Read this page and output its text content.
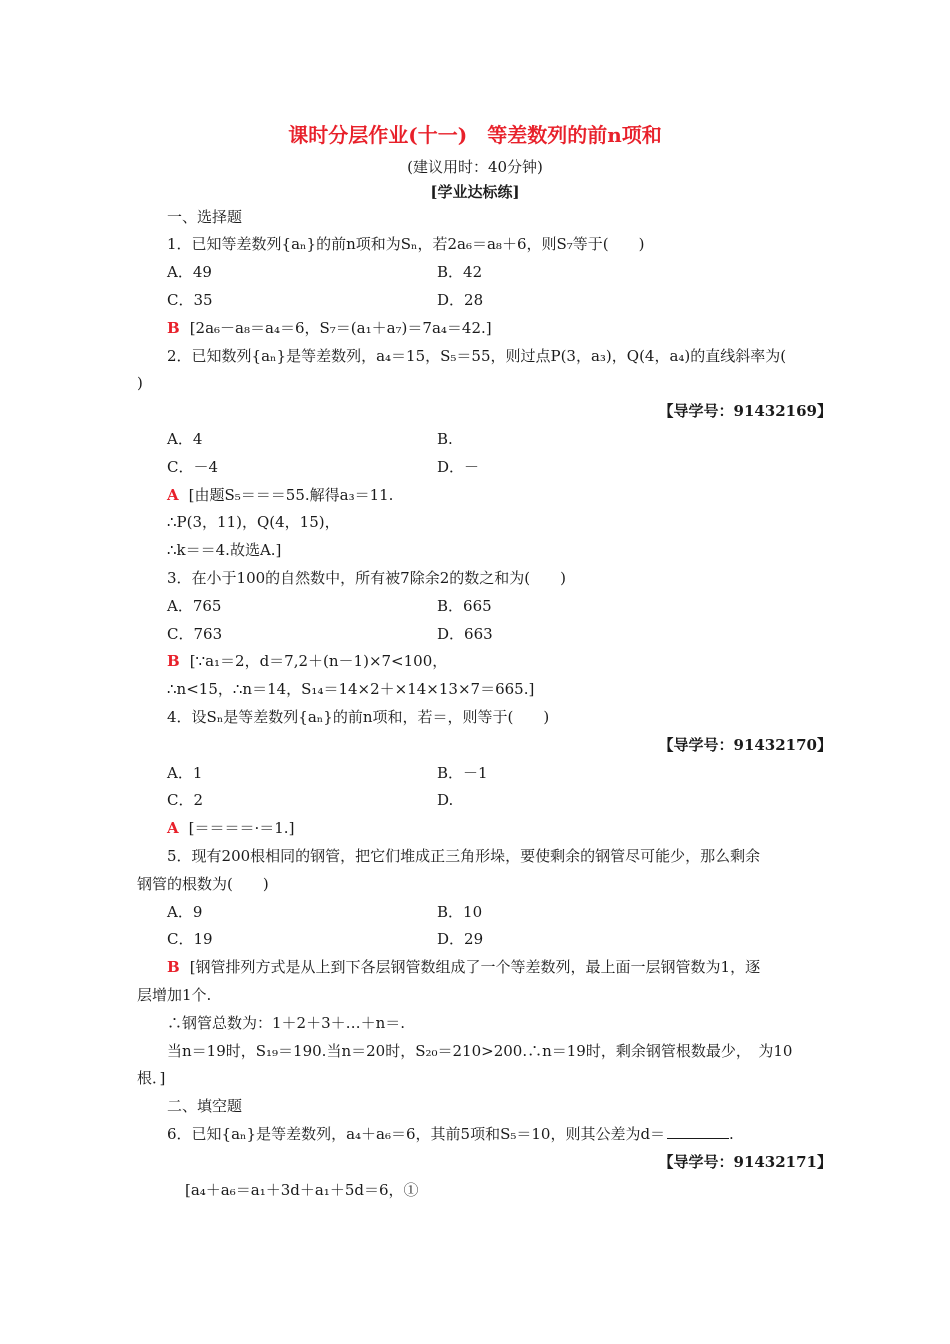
课时分层作业(十一)　等差数列的前n项和
(建议用时：40分钟)
[学业达标练]
一、选择题
1．已知等差数列{aₙ}的前n项和为Sₙ，若2a₆＝a₈＋6，则S₇等于(　　)
A．49	B．42
C．35	D．28
B [2a₆－a₈＝a₄＝6，S₇＝(a₁＋a₇)＝7a₄＝42.]
2．已知数列{aₙ}是等差数列，a₄＝15，S₅＝55，则过点P(3，a₃)，Q(4，a₄)的直线斜率为(
)
【导学号：91432169】
A．4	B.
C．－4	D．－
A [由题S₅＝＝＝55.解得a₃＝11.
∴P(3，11)，Q(4，15)，
∴k＝＝4.故选A.]
3．在小于100的自然数中，所有被7除余2的数之和为(　　)
A．765	B．665
C．763	D．663
B [∵a₁＝2，d＝7,2＋(n－1)×7<100，
∴n<15，∴n＝14，S₁₄＝14×2＋×14×13×7＝665.]
4．设Sₙ是等差数列{aₙ}的前n项和，若＝，则等于(　　)
【导学号：91432170】
A．1	B．－1
C．2	D.
A [＝＝＝＝·＝1.]
5．现有200根相同的钢管，把它们堆成正三角形垛，要使剩余的钢管尽可能少，那么剩余
钢管的根数为(　　)
A．9	B．10
C．19	D．29
B [钢管排列方式是从上到下各层钢管数组成了一个等差数列，最上面一层钢管数为1，逐
层增加1个.
∴钢管总数为：1＋2＋3＋…＋n＝.
当n＝19时，S₁₉＝190.当n＝20时，S₂₀＝210>200.∴n＝19时，剩余钢管根数最少，　为10
根．]
二、填空题
6．已知{aₙ}是等差数列，a₄＋a₆＝6，其前5项和S₅＝10，则其公差为d＝	.
【导学号：91432171】
[a₄＋a₆＝a₁＋3d＋a₁＋5d＝6，①
